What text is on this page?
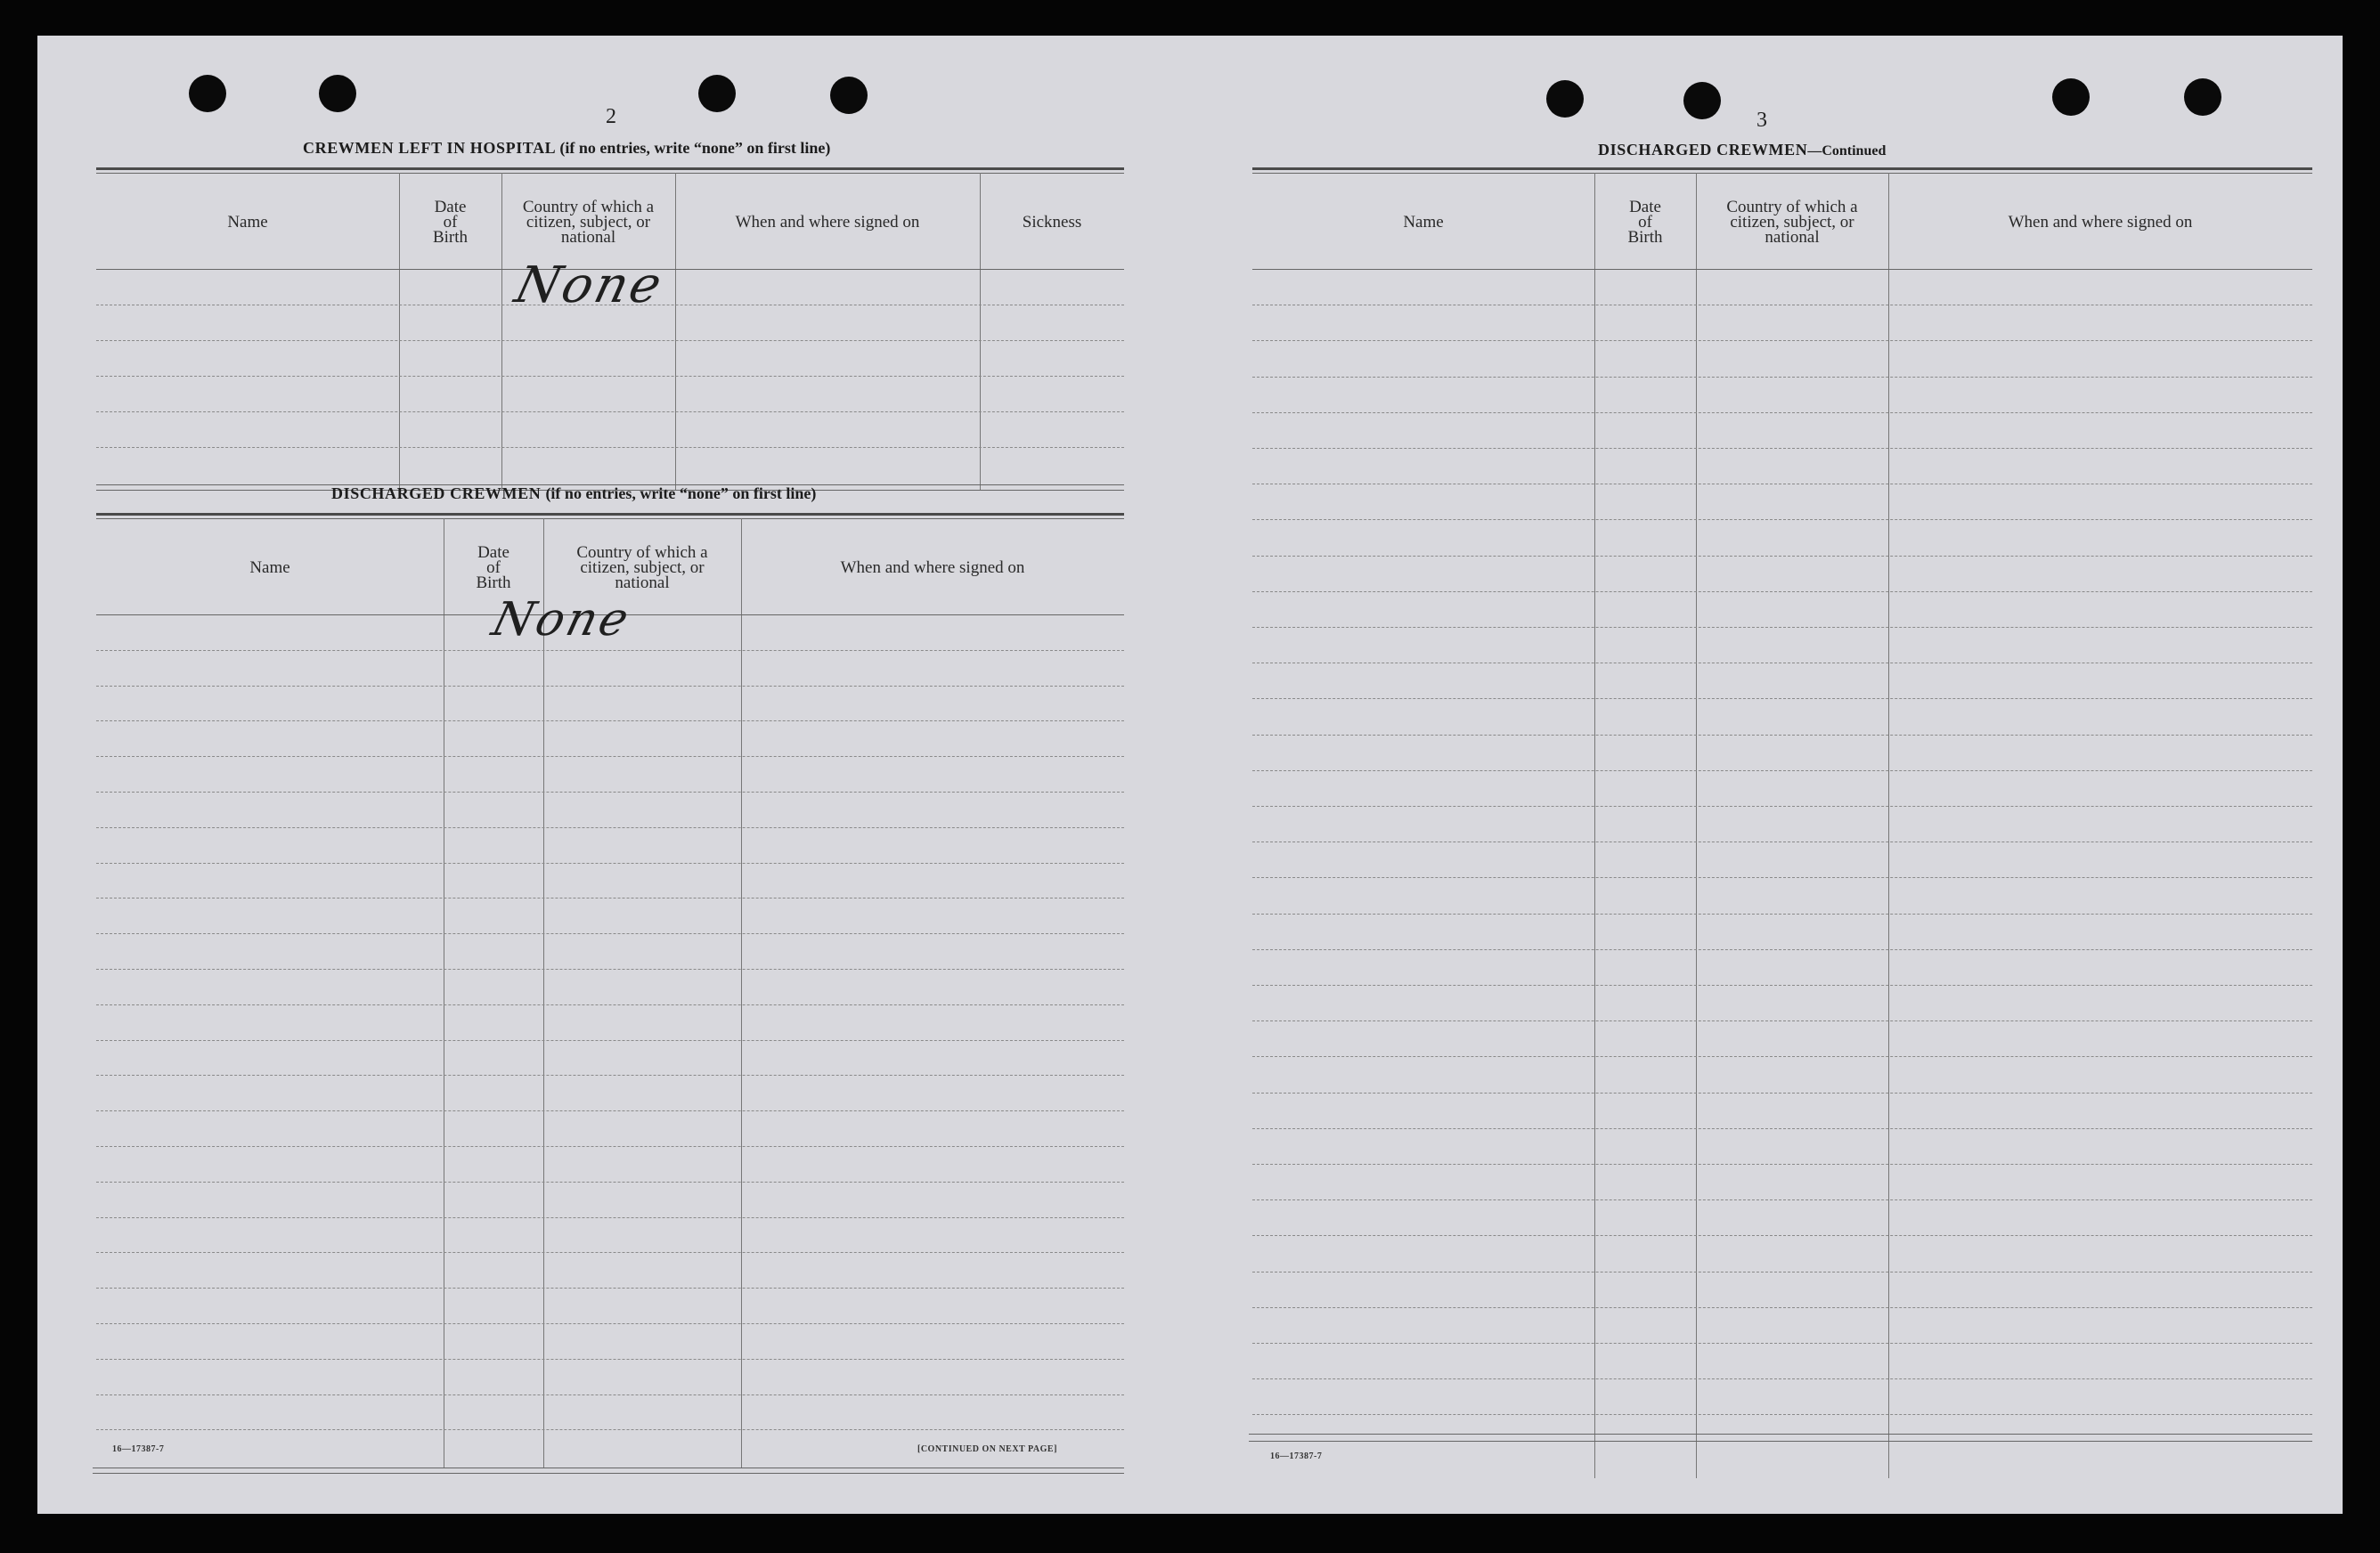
2
CREWMEN LEFT IN HOSPITAL (if no entries, write “none” on first line)
Name
Date
of
Birth
Country of which a
citizen, subject, or
national
When and where signed on	Sickness
None
DISCHARGED CREWMEN (if no entries, write “none” on first line)
Name
Date
of
Birth
Country of which a
citizen, subject, or
national
When and where signed on
None
16—17387-7	[CONTINUED ON NEXT PAGE]
3
DISCHARGED CREWMEN—Continued
Name
Date
of
Birth
Country of which a
citizen, subject, or
national
When and where signed on
16—17387-7
